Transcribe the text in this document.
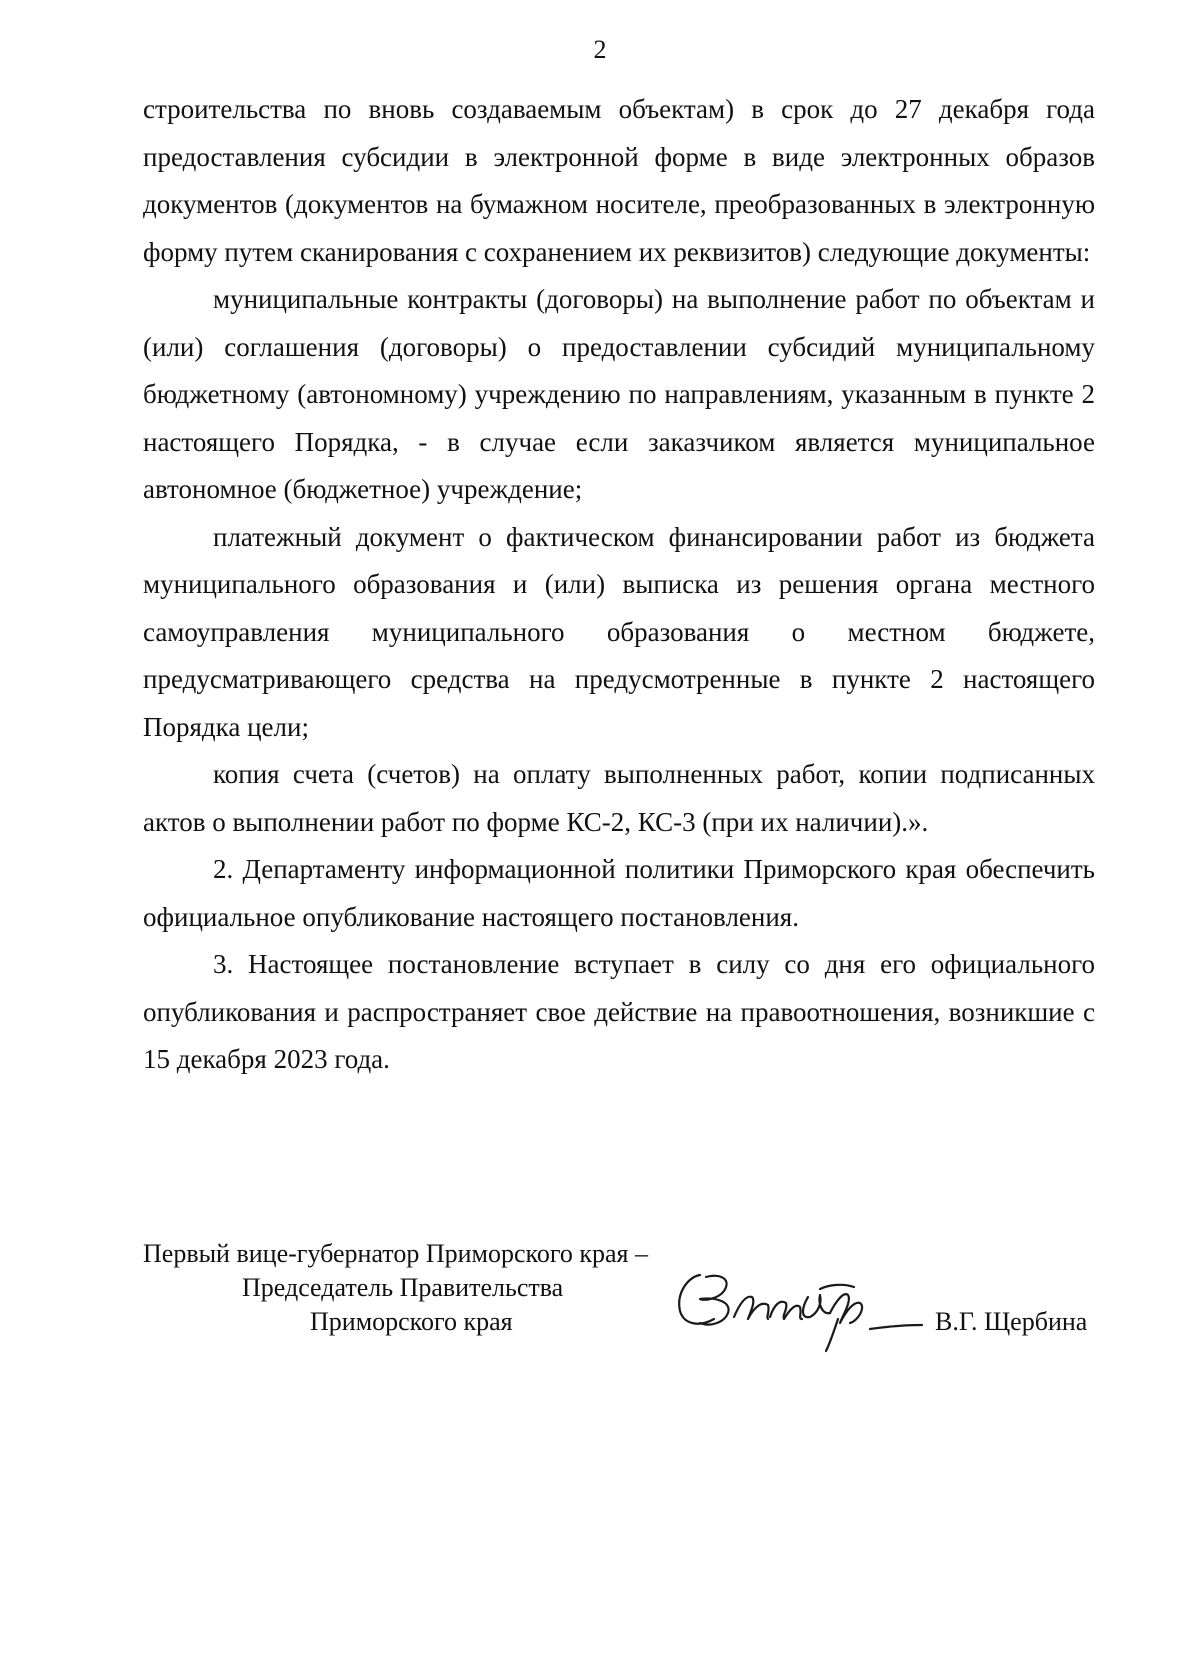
2

строительства по вновь создаваемым объектам) в срок до 27 декабря года предоставления субсидии в электронной форме в виде электронных образов документов (документов на бумажном носителе, преобразованных в электронную форму путем сканирования с сохранением их реквизитов) следующие документы:

муниципальные контракты (договоры) на выполнение работ по объектам и (или) соглашения (договоры) о предоставлении субсидий муниципальному бюджетному (автономному) учреждению по направлениям, указанным в пункте 2 настоящего Порядка, - в случае если заказчиком является муниципальное автономное (бюджетное) учреждение;

платежный документ о фактическом финансировании работ из бюджета муниципального образования и (или) выписка из решения органа местного самоуправления муниципального образования о местном бюджете, предусматривающего средства на предусмотренные в пункте 2 настоящего Порядка цели;

копия счета (счетов) на оплату выполненных работ, копии подписанных актов о выполнении работ по форме КС-2, КС-3 (при их наличии).».

2. Департаменту информационной политики Приморского края обеспечить официальное опубликование настоящего постановления.

3. Настоящее постановление вступает в силу со дня его официального опубликования и распространяет свое действие на правоотношения, возникшие с 15 декабря 2023 года.

Первый вице-губернатор Приморского края –
Председатель Правительства
Приморского края	В.Г. Щербина
